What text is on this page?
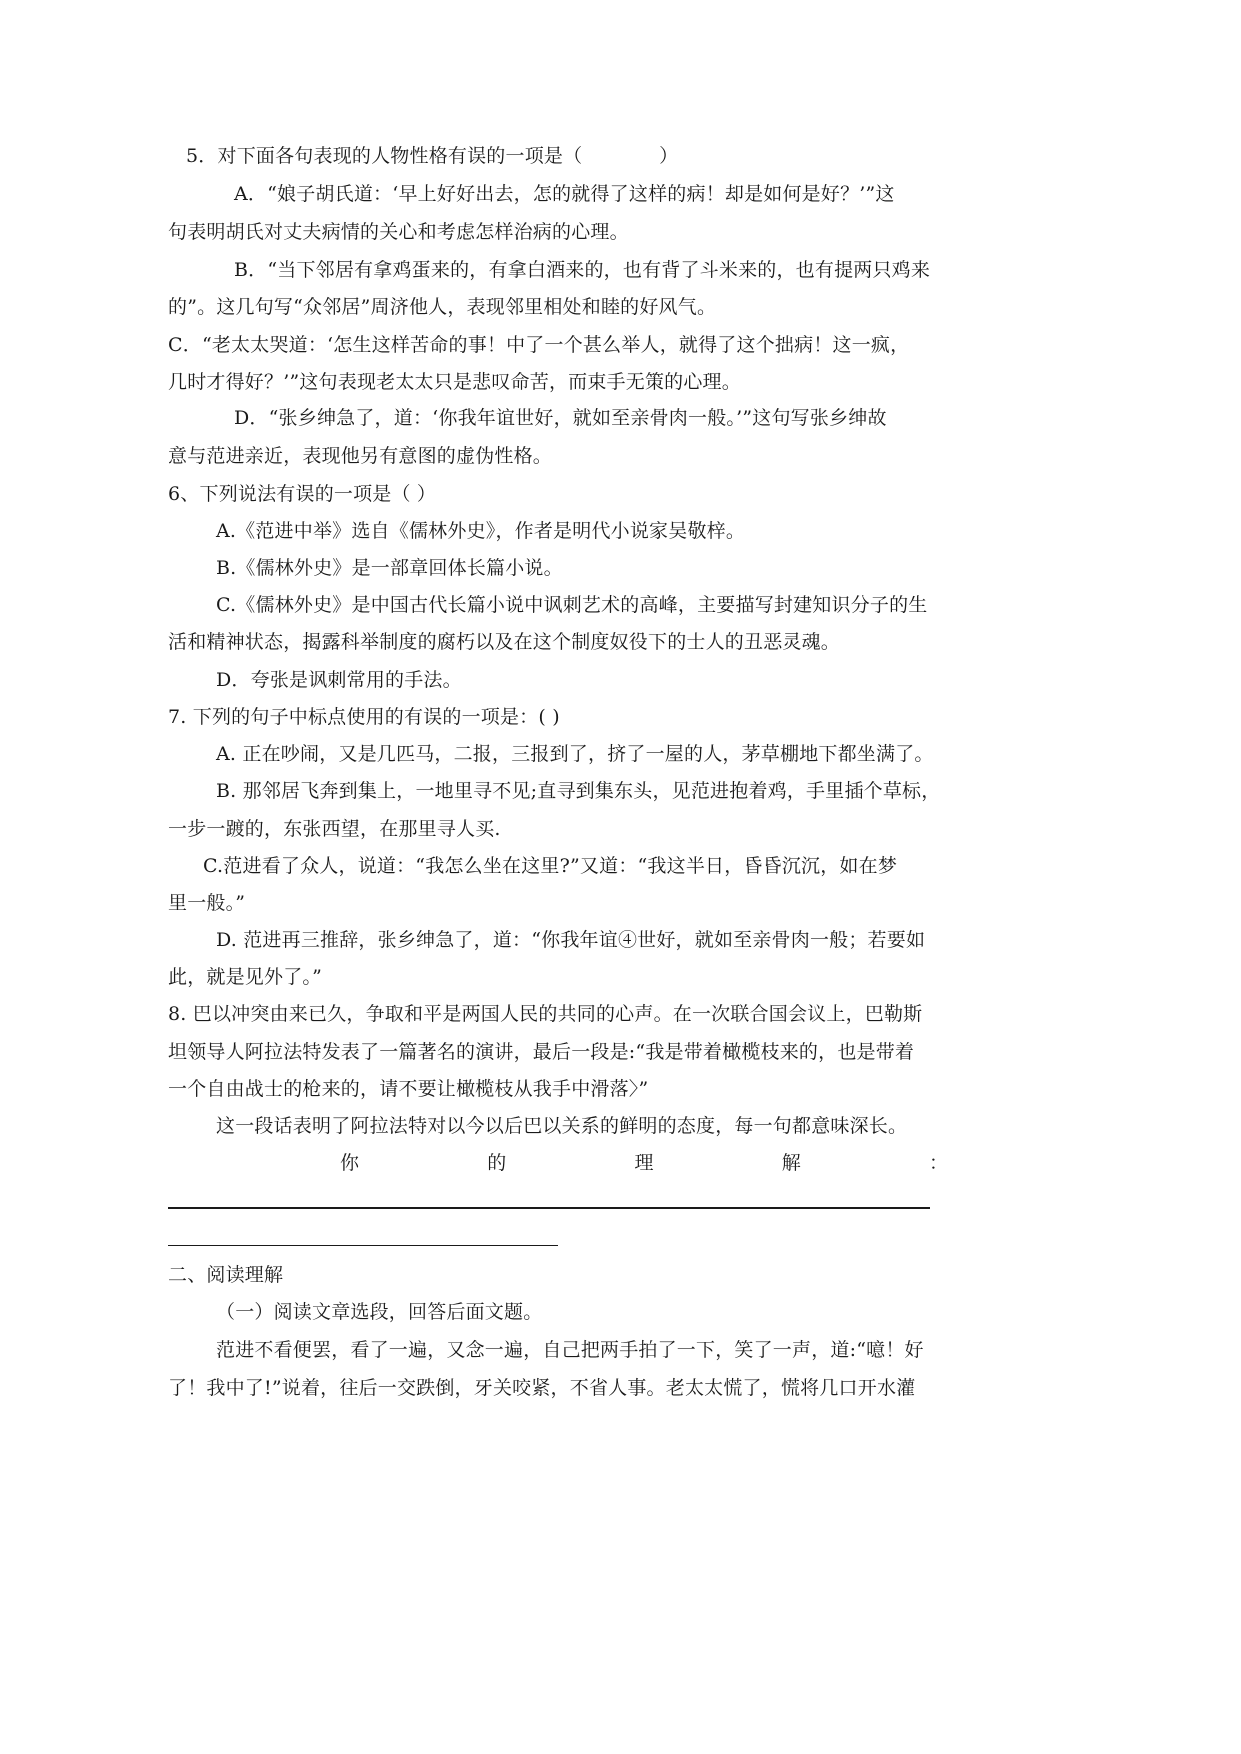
5．对下面各句表现的人物性格有误的一项是（　　　　）
A．“娘子胡氏道：‘早上好好出去，怎的就得了这样的病！却是如何是好？’”这
句表明胡氏对丈夫病情的关心和考虑怎样治病的心理。
B．“当下邻居有拿鸡蛋来的，有拿白酒来的，也有背了斗米来的，也有提两只鸡来
的”。这几句写“众邻居”周济他人，表现邻里相处和睦的好风气。
C．“老太太哭道：‘怎生这样苦命的事！中了一个甚么举人，就得了这个拙病！这一疯，
几时才得好？’”这句表现老太太只是悲叹命苦，而束手无策的心理。
D．“张乡绅急了，道：‘你我年谊世好，就如至亲骨肉一般。’”这句写张乡绅故
意与范进亲近，表现他另有意图的虚伪性格。
6、下列说法有误的一项是（ ）
A.《范进中举》选自《儒林外史》，作者是明代小说家吴敬梓。
B.《儒林外史》是一部章回体长篇小说。
C.《儒林外史》是中国古代长篇小说中讽刺艺术的高峰，主要描写封建知识分子的生
活和精神状态，揭露科举制度的腐朽以及在这个制度奴役下的士人的丑恶灵魂。
D．夸张是讽刺常用的手法。
7. 下列的句子中标点使用的有误的一项是：( )
A. 正在吵闹，又是几匹马，二报，三报到了，挤了一屋的人，茅草棚地下都坐满了。
B. 那邻居飞奔到集上，一地里寻不见;直寻到集东头，见范进抱着鸡，手里插个草标，
一步一踱的，东张西望，在那里寻人买.
C.范进看了众人，说道：“我怎么坐在这里?”又道：“我这半日，昏昏沉沉，如在梦
里一般。”
D. 范进再三推辞，张乡绅急了，道：“你我年谊④世好，就如至亲骨肉一般；若要如
此，就是见外了。”
8. 巴以冲突由来已久，争取和平是两国人民的共同的心声。在一次联合国会议上，巴勒斯
坦领导人阿拉法特发表了一篇著名的演讲，最后一段是:“我是带着橄榄枝来的，也是带着
一个自由战士的枪来的，请不要让橄榄枝从我手中滑落〉”
这一段话表明了阿拉法特对以今以后巴以关系的鲜明的态度，每一句都意味深长。
你	的	理	解	：
二、阅读理解
（一）阅读文章选段，回答后面文题。
范进不看便罢，看了一遍，又念一遍，自己把两手拍了一下，笑了一声，道:“噫！好
了！我中了!”说着，往后一交跌倒，牙关咬紧，不省人事。老太太慌了，慌将几口开水灌
